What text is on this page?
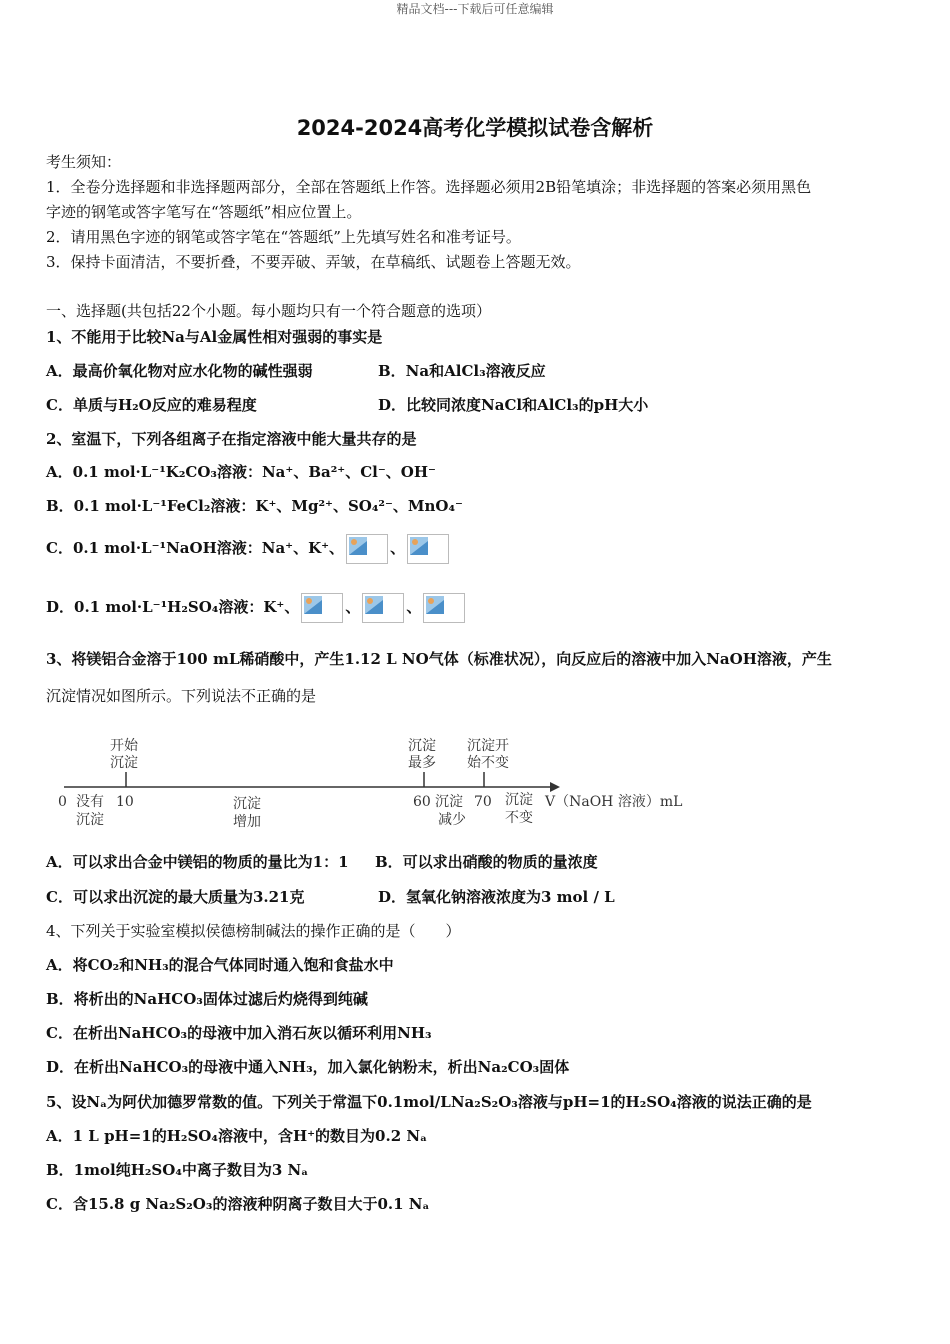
精品文档---下载后可任意编辑
2024-2024高考化学模拟试卷含解析
考生须知：
1．全卷分选择题和非选择题两部分，全部在答题纸上作答。选择题必须用2B铅笔填涂；非选择题的答案必须用黑色
字迹的钢笔或答字笔写在“答题纸”相应位置上。
2．请用黑色字迹的钢笔或答字笔在“答题纸”上先填写姓名和准考证号。
3．保持卡面清洁，不要折叠，不要弄破、弄皱，在草稿纸、试题卷上答题无效。
一、选择题(共包括22个小题。每小题均只有一个符合题意的选项）
1、不能用于比较Na与Al金属性相对强弱的事实是
A．最高价氧化物对应水化物的碱性强弱	B．Na和AlCl₃溶液反应
C．单质与H₂O反应的难易程度	D．比较同浓度NaCl和AlCl₃的pH大小
2、室温下，下列各组离子在指定溶液中能大量共存的是
A．0.1 mol·L⁻¹K₂CO₃溶液：Na⁺、Ba²⁺、Cl⁻、OH⁻
B．0.1 mol·L⁻¹FeCl₂溶液：K⁺、Mg²⁺、SO₄²⁻、MnO₄⁻
C．0.1 mol·L⁻¹NaOH溶液：Na⁺、K⁺、	、
D．0.1 mol·L⁻¹H₂SO₄溶液：K⁺、	、	、
3、将镁铝合金溶于100 mL稀硝酸中，产生1.12 L NO气体（标准状况），向反应后的溶液中加入NaOH溶液，产生
沉淀情况如图所示。下列说法不正确的是
开始
沉淀
沉淀
最多
沉淀开
始不变
0 没有
沉淀
10	沉淀
增加
60 沉淀
减少
70 沉淀
不变
V（NaOH 溶液）mL
A．可以求出合金中镁铝的物质的量比为1：1 B．可以求出硝酸的物质的量浓度
C．可以求出沉淀的最大质量为3.21克	D．氢氧化钠溶液浓度为3 mol / L
4、下列关于实验室模拟侯德榜制碱法的操作正确的是（　　）
A．将CO₂和NH₃的混合气体同时通入饱和食盐水中
B．将析出的NaHCO₃固体过滤后灼烧得到纯碱
C．在析出NaHCO₃的母液中加入消石灰以循环利用NH₃
D．在析出NaHCO₃的母液中通入NH₃，加入氯化钠粉末，析出Na₂CO₃固体
5、设Nₐ为阿伏加德罗常数的值。下列关于常温下0.1mol/LNa₂S₂O₃溶液与pH=1的H₂SO₄溶液的说法正确的是
A．1 L pH=1的H₂SO₄溶液中，含H⁺的数目为0.2 Nₐ
B．1mol纯H₂SO₄中离子数目为3 Nₐ
C．含15.8 g Na₂S₂O₃的溶液种阴离子数目大于0.1 Nₐ
